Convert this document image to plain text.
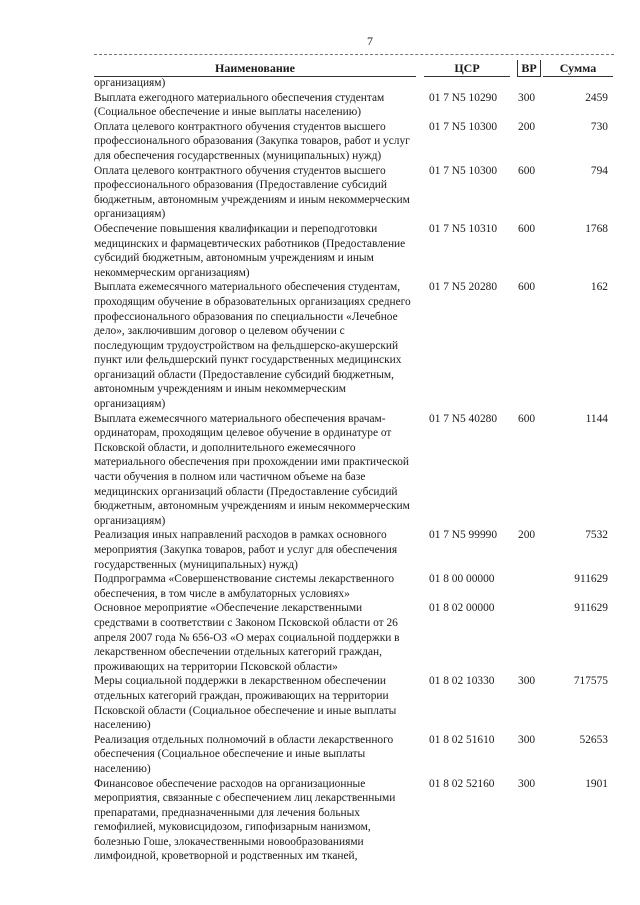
7
Наименование	ЦСР	ВР	Сумма
организациям)
Выплата ежегодного материального обеспечения студентам (Социальное обеспечение и иные выплаты населению)
01 7 N5 10290 300	2459
Оплата целевого контрактного обучения студентов высшего профессионального образования (Закупка товаров, работ и услуг для обеспечения государственных (муниципальных) нужд)
01 7 N5 10300 200	730
Оплата целевого контрактного обучения студентов высшего профессионального образования (Предоставление субсидий бюджетным, автономным учреждениям и иным некоммерческим организациям)
01 7 N5 10300 600	794
Обеспечение повышения квалификации и переподготовки медицинских и фармацевтических работников (Предоставление субсидий бюджетным, автономным учреждениям и иным некоммерческим организациям)
01 7 N5 10310 600	1768
Выплата ежемесячного материального обеспечения студентам, проходящим обучение в образовательных организациях среднего профессионального образования по специальности «Лечебное дело», заключившим договор о целевом обучении с последующим трудоустройством на фельдшерско-акушерский пункт или фельдшерский пункт государственных медицинских организаций области (Предоставление субсидий бюджетным, автономным учреждениям и иным некоммерческим организациям)
01 7 N5 20280 600	162
Выплата ежемесячного материального обеспечения врачам-ординаторам, проходящим целевое обучение в ординатуре от Псковской области, и дополнительного ежемесячного материального обеспечения при прохождении ими практической части обучения в полном или частичном объеме на базе медицинских организаций области (Предоставление субсидий бюджетным, автономным учреждениям и иным некоммерческим организациям)
01 7 N5 40280 600	1144
Реализация иных направлений расходов в рамках основного мероприятия (Закупка товаров, работ и услуг для обеспечения государственных (муниципальных) нужд)
01 7 N5 99990 200	7532
Подпрограмма «Совершенствование системы лекарственного обеспечения, в том числе в амбулаторных условиях»
01 8 00 00000	911629
Основное мероприятие «Обеспечение лекарственными средствами в соответствии с Законом Псковской области от 26 апреля 2007 года № 656-ОЗ «О мерах социальной поддержки в лекарственном обеспечении отдельных категорий граждан, проживающих на территории Псковской области»
01 8 02 00000	911629
Меры социальной поддержки в лекарственном обеспечении отдельных категорий граждан, проживающих на территории Псковской области (Социальное обеспечение и иные выплаты населению)
01 8 02 10330 300	717575
Реализация отдельных полномочий в области лекарственного обеспечения (Социальное обеспечение и иные выплаты населению)
01 8 02 51610 300	52653
Финансовое обеспечение расходов на организационные мероприятия, связанные с обеспечением лиц лекарственными препаратами, предназначенными для лечения больных гемофилией, муковисцидозом, гипофизарным нанизмом, болезнью Гоше, злокачественными новообразованиями лимфоидной, кроветворной и родственных им тканей,
01 8 02 52160 300	1901
